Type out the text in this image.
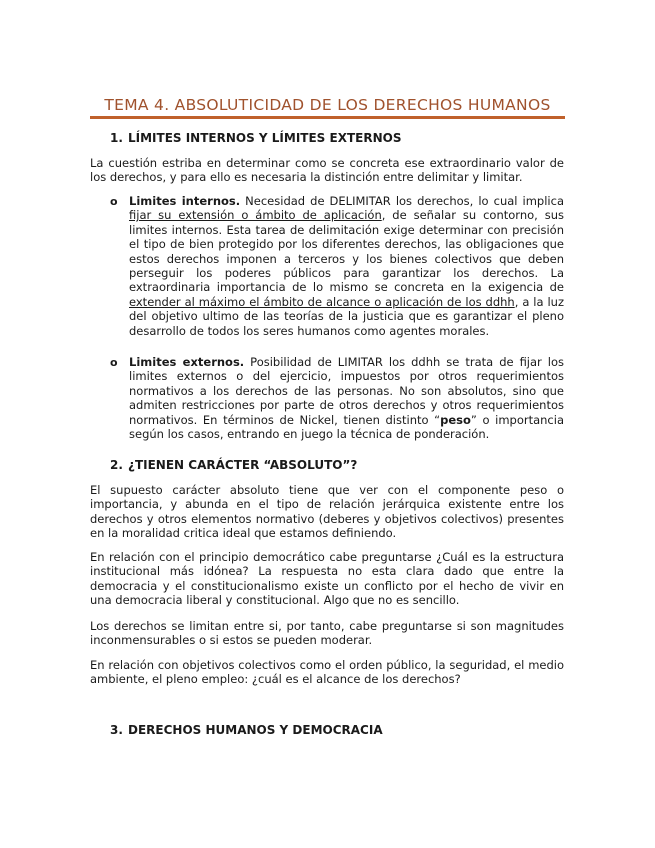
TEMA 4. ABSOLUTICIDAD DE LOS DERECHOS HUMANOS
1. LÍMITES INTERNOS Y LÍMITES EXTERNOS
La cuestión estriba en determinar como se concreta ese extraordinario valor de los derechos, y para ello es necesaria la distinción entre delimitar y limitar.
o Limites internos. Necesidad de DELIMITAR los derechos, lo cual implica fijar su extensión o ámbito de aplicación, de señalar su contorno, sus limites internos. Esta tarea de delimitación exige determinar con precisión el tipo de bien protegido por los diferentes derechos, las obligaciones que estos derechos imponen a terceros y los bienes colectivos que deben perseguir los poderes públicos para garantizar los derechos. La extraordinaria importancia de lo mismo se concreta en la exigencia de extender al máximo el ámbito de alcance o aplicación de los ddhh, a la luz del objetivo ultimo de las teorías de la justicia que es garantizar el pleno desarrollo de todos los seres humanos como agentes morales.
o Limites externos. Posibilidad de LIMITAR los ddhh se trata de fijar los limites externos o del ejercicio, impuestos por otros requerimientos normativos a los derechos de las personas. No son absolutos, sino que admiten restricciones por parte de otros derechos y otros requerimientos normativos. En términos de Nickel, tienen distinto “peso” o importancia según los casos, entrando en juego la técnica de ponderación.
2. ¿TIENEN CARÁCTER “ABSOLUTO”?
El supuesto carácter absoluto tiene que ver con el componente peso o importancia, y abunda en el tipo de relación jerárquica existente entre los derechos y otros elementos normativo (deberes y objetivos colectivos) presentes en la moralidad critica ideal que estamos definiendo.
En relación con el principio democrático cabe preguntarse ¿Cuál es la estructura institucional más idónea? La respuesta no esta clara dado que entre la democracia y el constitucionalismo existe un conflicto por el hecho de vivir en una democracia liberal y constitucional. Algo que no es sencillo.
Los derechos se limitan entre si, por tanto, cabe preguntarse si son magnitudes inconmensurables o si estos se pueden moderar.
En relación con objetivos colectivos como el orden público, la seguridad, el medio ambiente, el pleno empleo: ¿cuál es el alcance de los derechos?
3. DERECHOS HUMANOS Y DEMOCRACIA
